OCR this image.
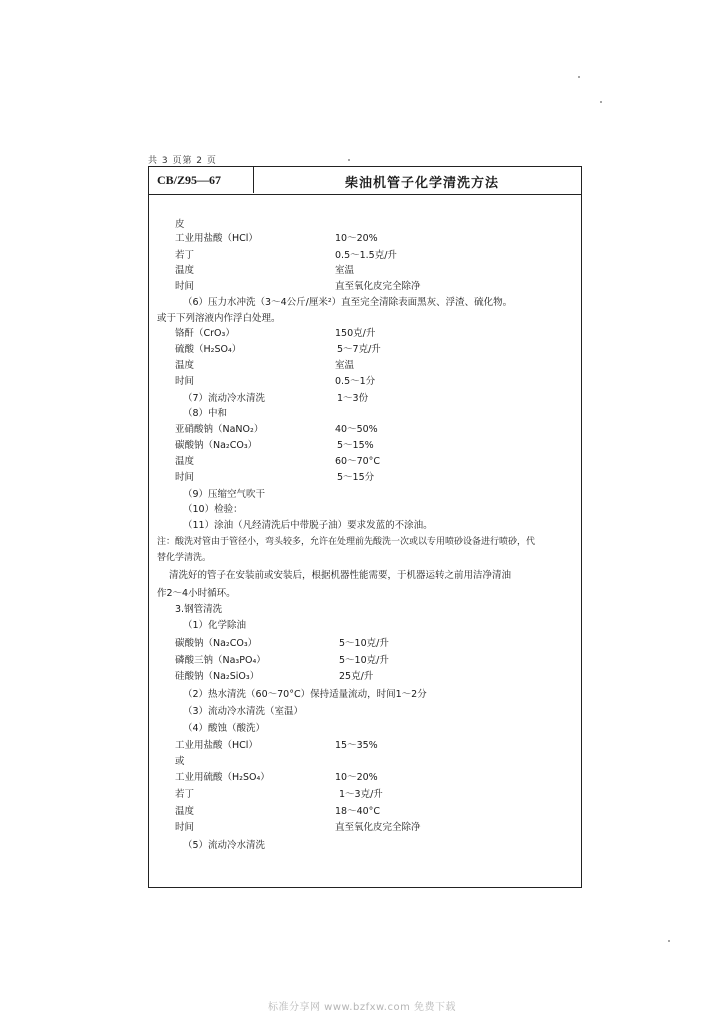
共 3 页第 2 页
CB/Z95—67	柴油机管子化学清洗方法
皮
工业用盐酸（HCl）	10～20%
若丁	0.5～1.5克/升
温度	室温
时间	直至氧化皮完全除净
（6）压力水冲洗（3～4公斤/厘米²）直至完全清除表面黑灰、浮渣、硫化物。
或于下列溶液内作浮白处理。
铬酐（CrO₃）	150克/升
硫酸（H₂SO₄）	5～7克/升
温度	室温
时间	0.5～1分
（7）流动冷水清洗	1～3份
（8）中和
亚硝酸钠（NaNO₂）	40～50%
碳酸钠（Na₂CO₃）	5～15%
温度	60～70°C
时间	5～15分
（9）压缩空气吹干
（10）检验：
（11）涂油（凡经清洗后中带脱子油）要求发蓝的不涂油。
注：酸洗对管由于管径小，弯头较多，允许在处理前先酸洗一次或以专用喷砂设备进行喷砂，代
替化学清洗。
清洗好的管子在安装前或安装后，根据机器性能需要，于机器运转之前用洁净清油
作2～4小时循环。
3.钢管清洗
（1）化学除油
碳酸钠（Na₂CO₃）	5～10克/升
磷酸三钠（Na₃PO₄）	5～10克/升
硅酸钠（Na₂SiO₃）	25克/升
（2）热水清洗（60～70°C）保持适量流动，时间1～2分
（3）流动冷水清洗（室温）
（4）酸蚀（酸洗）
工业用盐酸（HCl）	15～35%
或
工业用硫酸（H₂SO₄）	10～20%
若丁	1～3克/升
温度	18～40°C
时间	直至氧化皮完全除净
（5）流动冷水清洗
标准分享网 www.bzfxw.com 免费下载
